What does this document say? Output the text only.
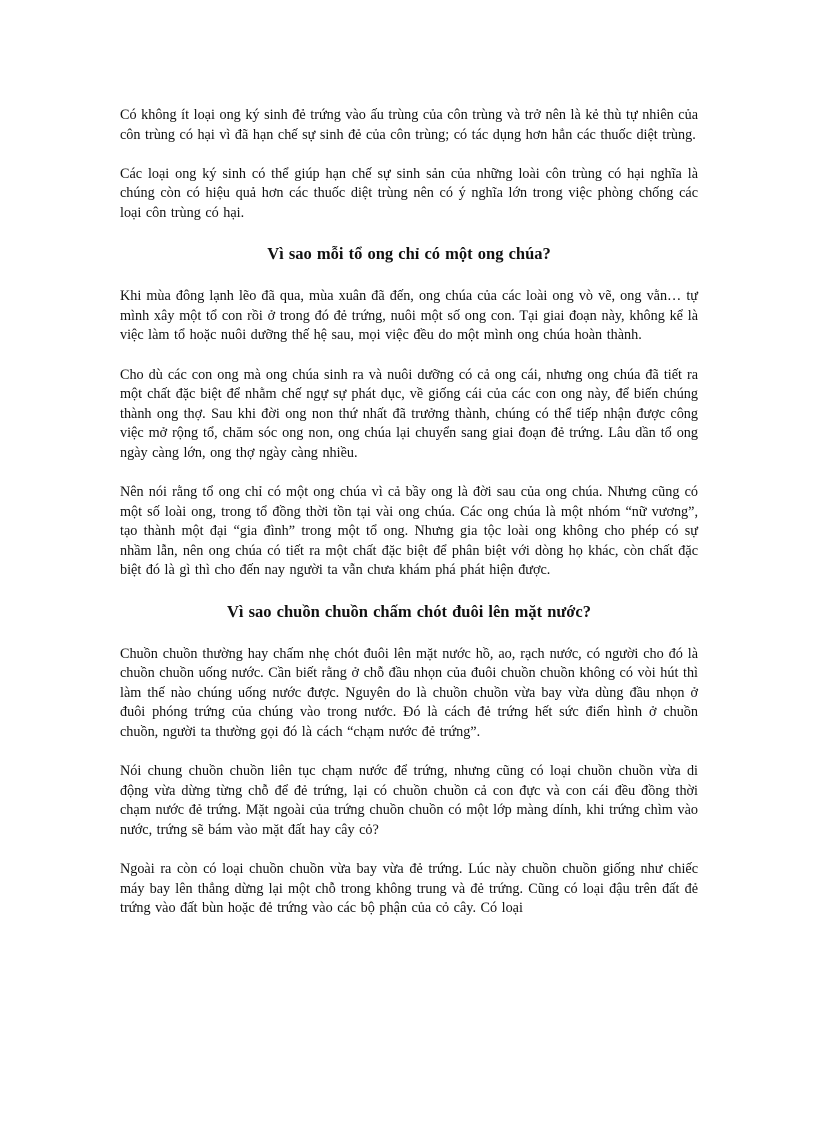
Có không ít loại ong ký sinh đẻ trứng vào ấu trùng của côn trùng và trở nên là kẻ thù tự nhiên của côn trùng có hại vì đã hạn chế sự sinh đẻ của côn trùng; có tác dụng hơn hẳn các thuốc diệt trùng.

Các loại ong ký sinh có thể giúp hạn chế sự sinh sản của những loài côn trùng có hại nghĩa là chúng còn có hiệu quả hơn các thuốc diệt trùng nên có ý nghĩa lớn trong việc phòng chống các loại côn trùng có hại.

Vì sao mỗi tổ ong chỉ có một ong chúa?

Khi mùa đông lạnh lẽo đã qua, mùa xuân đã đến, ong chúa của các loài ong vò vẽ, ong vằn… tự mình xây một tổ con rồi ở trong đó đẻ trứng, nuôi một số ong con. Tại giai đoạn này, không kể là việc làm tổ hoặc nuôi dưỡng thế hệ sau, mọi việc đều do một mình ong chúa hoàn thành.

Cho dù các con ong mà ong chúa sinh ra và nuôi dưỡng có cả ong cái, nhưng ong chúa đã tiết ra một chất đặc biệt để nhằm chế ngự sự phát dục, về giống cái của các con ong này, để biến chúng thành ong thợ. Sau khi đời ong non thứ nhất đã trưởng thành, chúng có thể tiếp nhận được công việc mở rộng tổ, chăm sóc ong non, ong chúa lại chuyển sang giai đoạn đẻ trứng. Lâu dần tổ ong ngày càng lớn, ong thợ ngày càng nhiều.

Nên nói rằng tổ ong chỉ có một ong chúa vì cả bầy ong là đời sau của ong chúa. Nhưng cũng có một số loài ong, trong tổ đồng thời tồn tại vài ong chúa. Các ong chúa là một nhóm “nữ vương”, tạo thành một đại “gia đình” trong một tổ ong. Nhưng gia tộc loài ong không cho phép có sự nhầm lẫn, nên ong chúa có tiết ra một chất đặc biệt để phân biệt với dòng họ khác, còn chất đặc biệt đó là gì thì cho đến nay người ta vẫn chưa khám phá phát hiện được.

Vì sao chuồn chuồn chấm chót đuôi lên mặt nước?

Chuồn chuồn thường hay chấm nhẹ chót đuôi lên mặt nước hồ, ao, rạch nước, có người cho đó là chuồn chuồn uống nước. Cần biết rằng ở chỗ đầu nhọn của đuôi chuồn chuồn không có vòi hút thì làm thế nào chúng uống nước được. Nguyên do là chuồn chuồn vừa bay vừa dùng đầu nhọn ở đuôi phóng trứng của chúng vào trong nước. Đó là cách đẻ trứng hết sức điển hình ở chuồn chuồn, người ta thường gọi đó là cách “chạm nước đẻ trứng”.

Nói chung chuồn chuồn liên tục chạm nước để trứng, nhưng cũng có loại chuồn chuồn vừa di động vừa dừng từng chỗ để đẻ trứng, lại có chuồn chuồn cả con đực và con cái đều đồng thời chạm nước đẻ trứng. Mặt ngoài của trứng chuồn chuồn có một lớp màng dính, khi trứng chìm vào nước, trứng sẽ bám vào mặt đất hay cây cỏ?

Ngoài ra còn có loại chuồn chuồn vừa bay vừa đẻ trứng. Lúc này chuồn chuồn giống như chiếc máy bay lên thẳng dừng lại một chỗ trong không trung và đẻ trứng. Cũng có loại đậu trên đất đẻ trứng vào đất bùn hoặc đẻ trứng vào các bộ phận của cỏ cây. Có loại
